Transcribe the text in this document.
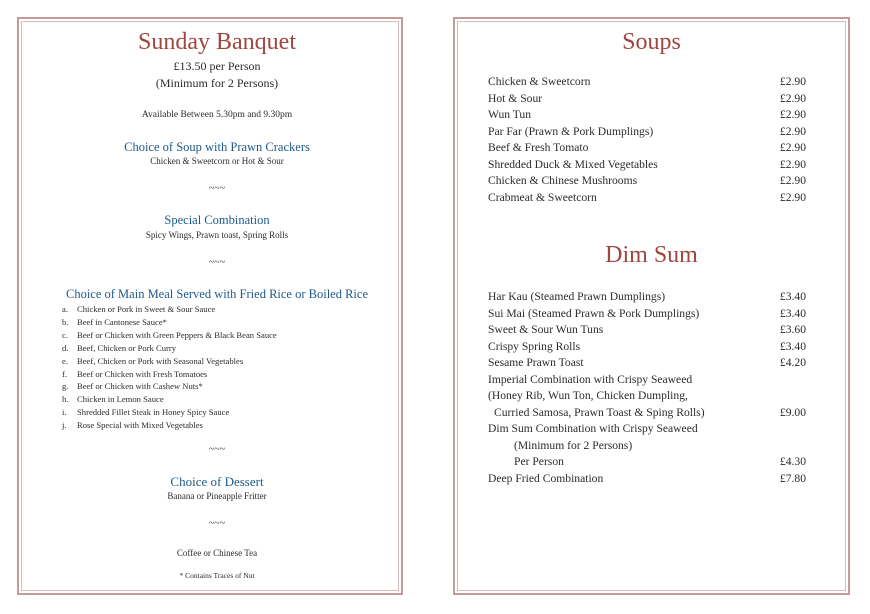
Sunday Banquet
£13.50 per Person
(Minimum for 2 Persons)
Available Between 5.30pm and 9.30pm
Choice of Soup with Prawn Crackers
Chicken & Sweetcorn or Hot & Sour
~~~
Special Combination
Spicy Wings, Prawn toast, Spring Rolls
~~~
Choice of Main Meal Served with Fried Rice or Boiled Rice
a. Chicken or Pork in Sweet & Sour Sauce
b. Beef in Cantonese Sauce*
c. Beef or Chicken with Green Peppers & Black Bean Sauce
d. Beef, Chicken or Pork Curry
e. Beef, Chicken or Pork with Seasonal Vegetables
f. Beef or Chicken with Fresh Tomatoes
g. Beef or Chicken with Cashew Nuts*
h. Chicken in Lemon Sauce
i. Shredded Fillet Steak in Honey Spicy Sauce
j. Rose Special with Mixed Vegetables
~~~
Choice of Dessert
Banana or Pineapple Fritter
~~~
Coffee or Chinese Tea
* Contains Traces of Nut
Soups
Chicken & Sweetcorn	£2.90
Hot & Sour	£2.90
Wun Tun	£2.90
Par Far (Prawn & Pork Dumplings)	£2.90
Beef & Fresh Tomato	£2.90
Shredded Duck & Mixed Vegetables	£2.90
Chicken & Chinese Mushrooms	£2.90
Crabmeat & Sweetcorn	£2.90
Dim Sum
Har Kau (Steamed Prawn Dumplings)	£3.40
Sui Mai (Steamed Prawn & Pork Dumplings)	£3.40
Sweet & Sour Wun Tuns	£3.60
Crispy Spring Rolls	£3.40
Sesame Prawn Toast	£4.20
Imperial Combination with Crispy Seaweed
(Honey Rib, Wun Ton, Chicken Dumpling,
Curried Samosa, Prawn Toast & Sping Rolls)	£9.00
Dim Sum Combination with Crispy Seaweed
(Minimum for 2 Persons)
Per Person	£4.30
Deep Fried Combination	£7.80
